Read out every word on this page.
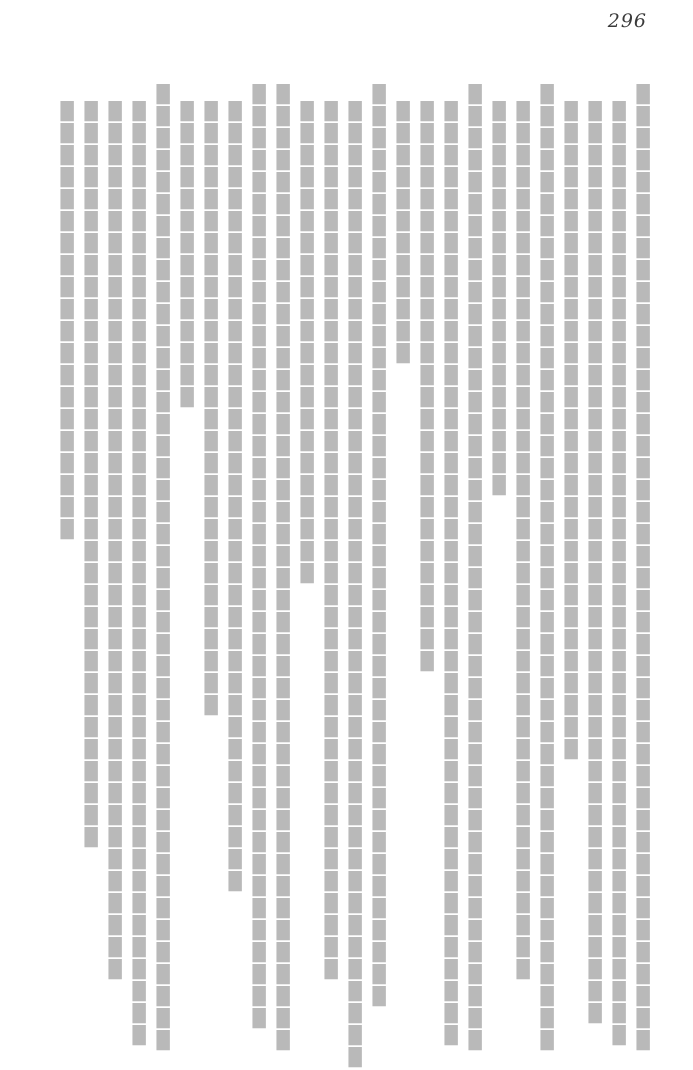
296

████████████████████████████████████████████

███████████████████████████████████████████

██████████████████████████████████████████

██████████████████████████████

████████████████████████████████████████████

████████████████████████████████████████

██████████████████

████████████████████████████████████████████

███████████████████████████████████████████

██████████████████████████

████████████

██████████████████████████████████████████

████████████████████████████████████████████

████████████████████████████████████████

██████████████████████

████████████████████████████████████████████

███████████████████████████████████████████

████████████████████████████████████

████████████████████████████

██████████████

████████████████████████████████████████████

███████████████████████████████████████████

████████████████████████████████████████

██████████████████████████████████

████████████████████
